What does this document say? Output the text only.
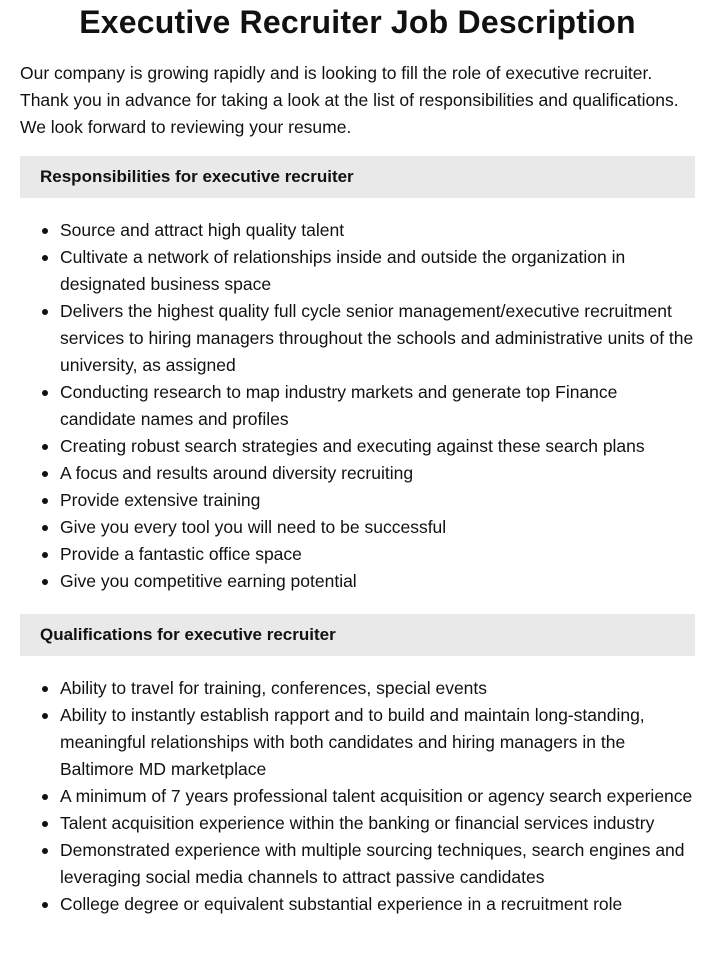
Executive Recruiter Job Description

Our company is growing rapidly and is looking to fill the role of executive recruiter. Thank you in advance for taking a look at the list of responsibilities and qualifications. We look forward to reviewing your resume.

Responsibilities for executive recruiter
Source and attract high quality talent
Cultivate a network of relationships inside and outside the organization in designated business space
Delivers the highest quality full cycle senior management/executive recruitment services to hiring managers throughout the schools and administrative units of the university, as assigned
Conducting research to map industry markets and generate top Finance candidate names and profiles
Creating robust search strategies and executing against these search plans
A focus and results around diversity recruiting
Provide extensive training
Give you every tool you will need to be successful
Provide a fantastic office space
Give you competitive earning potential
Qualifications for executive recruiter
Ability to travel for training, conferences, special events
Ability to instantly establish rapport and to build and maintain long-standing, meaningful relationships with both candidates and hiring managers in the Baltimore MD marketplace
A minimum of 7 years professional talent acquisition or agency search experience
Talent acquisition experience within the banking or financial services industry
Demonstrated experience with multiple sourcing techniques, search engines and leveraging social media channels to attract passive candidates
College degree or equivalent substantial experience in a recruitment role
